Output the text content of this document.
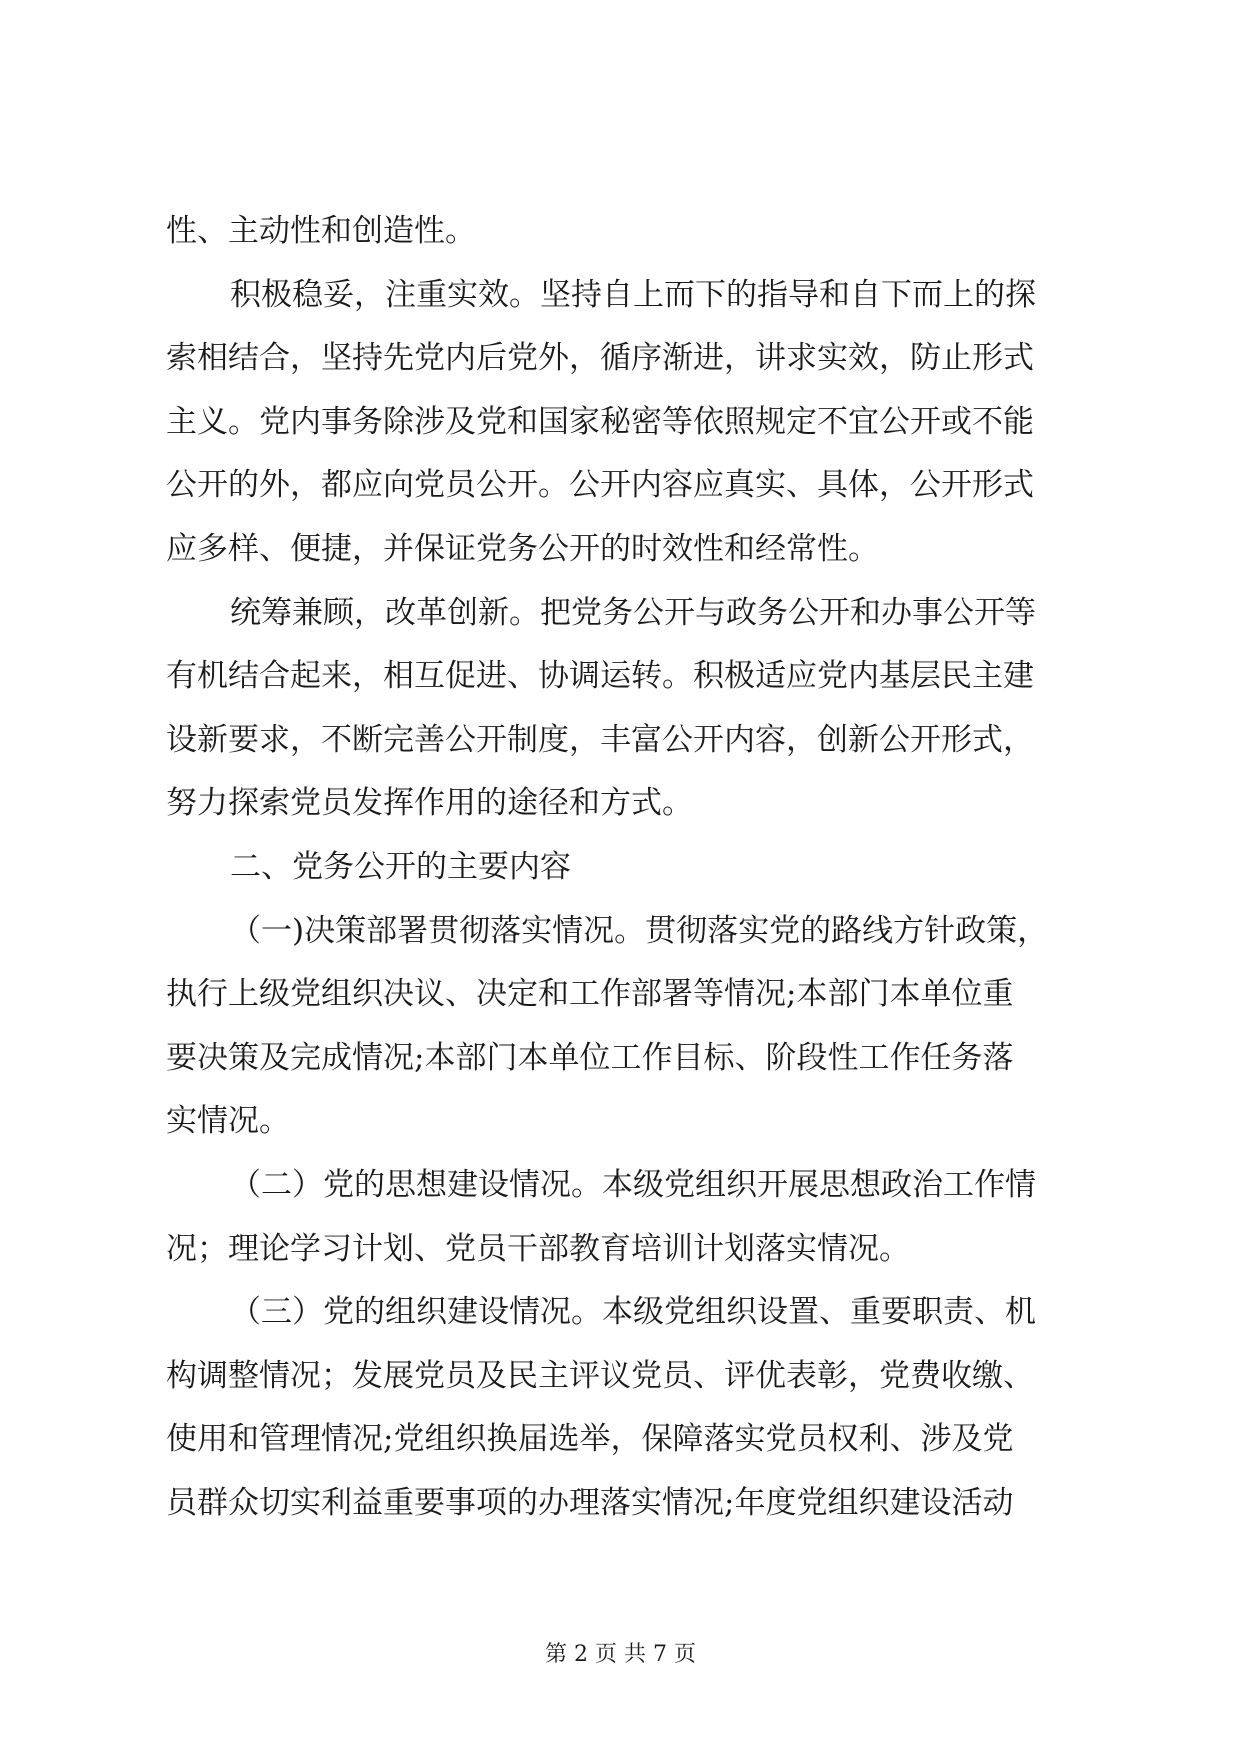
性、主动性和创造性。
积极稳妥，注重实效。坚持自上而下的指导和自下而上的探
索相结合，坚持先党内后党外，循序渐进，讲求实效，防止形式
主义。党内事务除涉及党和国家秘密等依照规定不宜公开或不能
公开的外，都应向党员公开。公开内容应真实、具体，公开形式
应多样、便捷，并保证党务公开的时效性和经常性。
统筹兼顾，改革创新。把党务公开与政务公开和办事公开等
有机结合起来，相互促进、协调运转。积极适应党内基层民主建
设新要求，不断完善公开制度，丰富公开内容，创新公开形式，
努力探索党员发挥作用的途径和方式。
二、党务公开的主要内容
（一)决策部署贯彻落实情况。贯彻落实党的路线方针政策，
执行上级党组织决议、决定和工作部署等情况;本部门本单位重
要决策及完成情况;本部门本单位工作目标、阶段性工作任务落
实情况。
（二）党的思想建设情况。本级党组织开展思想政治工作情
况；理论学习计划、党员干部教育培训计划落实情况。
（三）党的组织建设情况。本级党组织设置、重要职责、机
构调整情况；发展党员及民主评议党员、评优表彰，党费收缴、
使用和管理情况;党组织换届选举，保障落实党员权利、涉及党
员群众切实利益重要事项的办理落实情况;年度党组织建设活动
第 2 页 共 7 页
